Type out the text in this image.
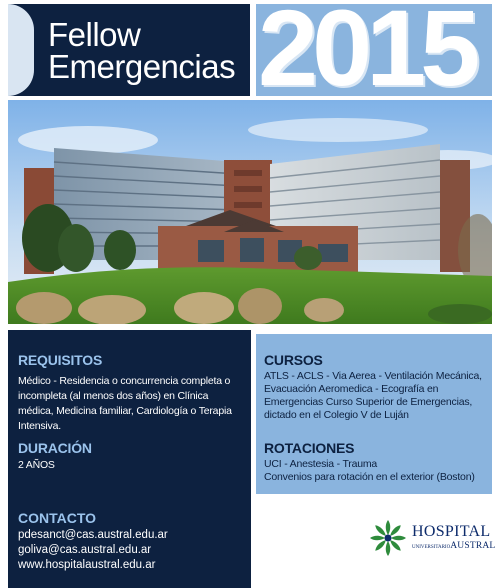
Fellow
Emergencias 2015
REQUISITOS
Médico - Residencia o concurrencia completa o incompleta (al menos dos años) en Clínica médica, Medicina familiar, Cardiología o Terapia Intensiva.
DURACIÓN
2 AÑOS
CONTACTO
pdesanct@cas.austral.edu.ar
goliva@cas.austral.edu.ar
www.hospitalaustral.edu.ar
CURSOS
ATLS - ACLS - Via Aerea - Ventilación Mecánica, Evacuación Aeromedica - Ecografía en Emergencias Curso Superior de Emergencias, dictado en el Colegio V de Luján
ROTACIONES
UCI - Anestesia - Trauma
Convenios para rotación en el exterior (Boston)
HOSPITAL
UNIVERSITARIOAUSTRAL
